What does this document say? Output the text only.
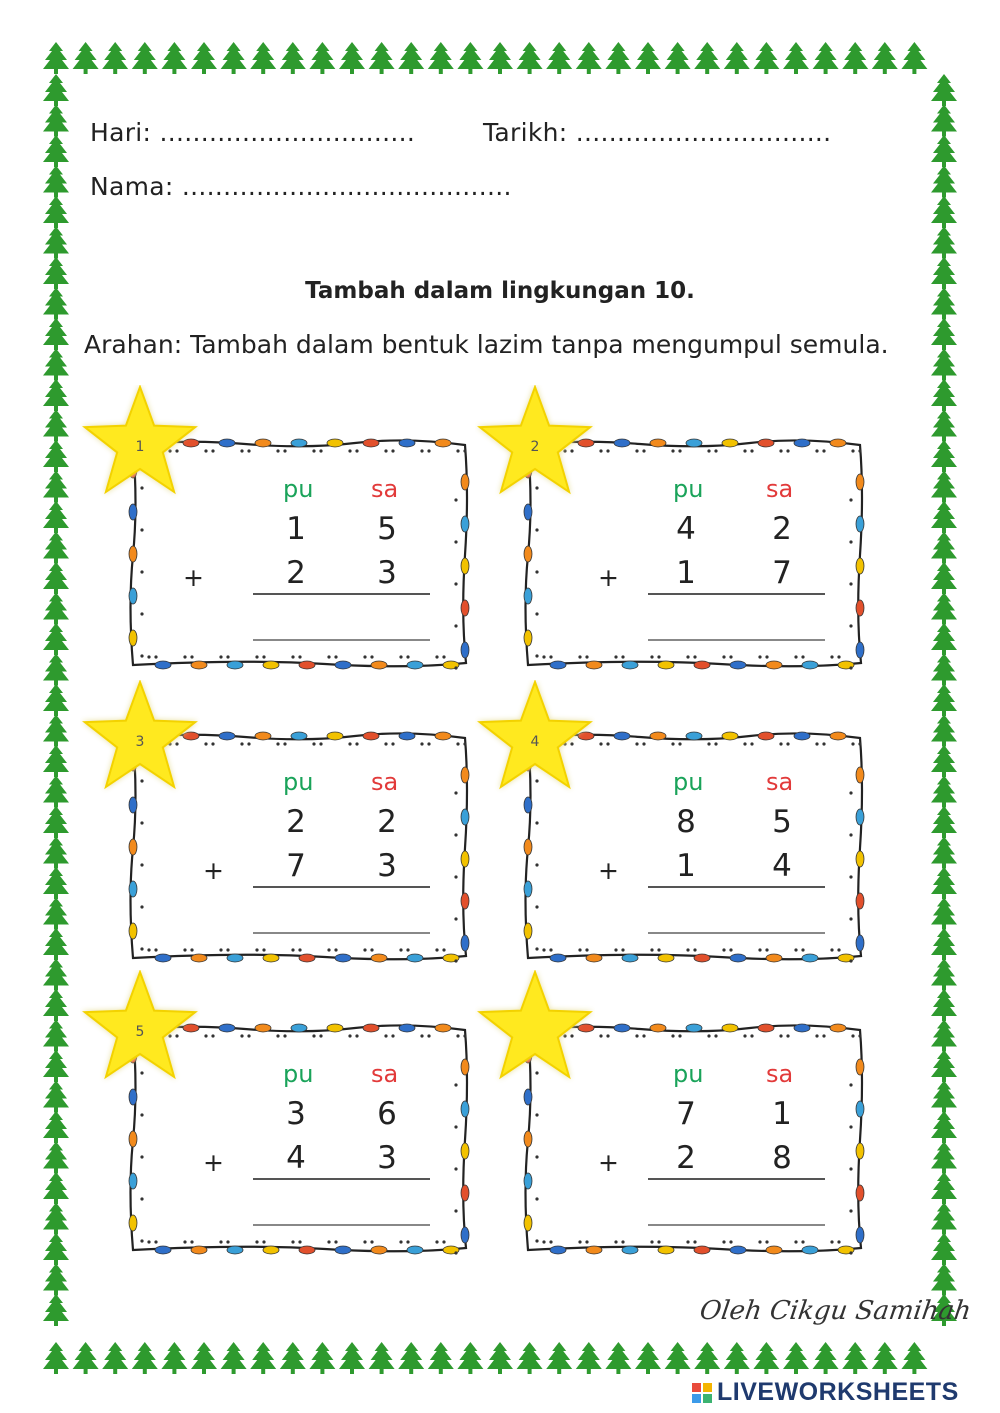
Hari: ...............................	Tarikh: ...............................
Nama: ........................................
Tambah dalam lingkungan 10.
Arahan: Tambah dalam bentuk lazim tanpa mengumpul semula.
pu sa
1 5
+	2 3
1
pu	sa
4 2
+ 1 7
2
pu sa
2 2
+ 7 3
3
pu	sa
8 5
+ 1 4
4
pu sa
3 6
+ 4 3
5
pu	sa
7 1
+ 2 8
Oleh Cikgu Samihah
LIVEWORKSHEETS
